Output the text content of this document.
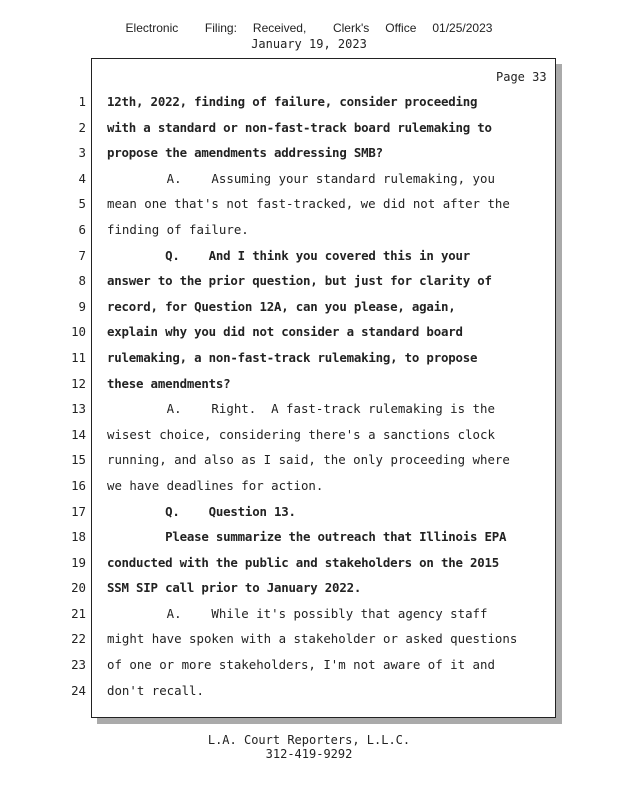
Electronic     Filing:   Received,     Clerk's   Office   01/25/2023
January 19, 2023
Page 33
1 12th, 2022, finding of failure, consider proceeding
2 with a standard or non-fast-track board rulemaking to
3 propose the amendments addressing SMB?
4 A.    Assuming your standard rulemaking, you
5 mean one that's not fast-tracked, we did not after the
6 finding of failure.
7 Q.    And I think you covered this in your
8 answer to the prior question, but just for clarity of
9 record, for Question 12A, can you please, again,
10 explain why you did not consider a standard board
11 rulemaking, a non-fast-track rulemaking, to propose
12 these amendments?
13 A.    Right.  A fast-track rulemaking is the
14 wisest choice, considering there's a sanctions clock
15 running, and also as I said, the only proceeding where
16 we have deadlines for action.
17 Q.    Question 13.
18 Please summarize the outreach that Illinois EPA
19 conducted with the public and stakeholders on the 2015
20 SSM SIP call prior to January 2022.
21 A.    While it's possibly that agency staff
22 might have spoken with a stakeholder or asked questions
23 of one or more stakeholders, I'm not aware of it and
24 don't recall.
L.A. Court Reporters, L.L.C.
312-419-9292
